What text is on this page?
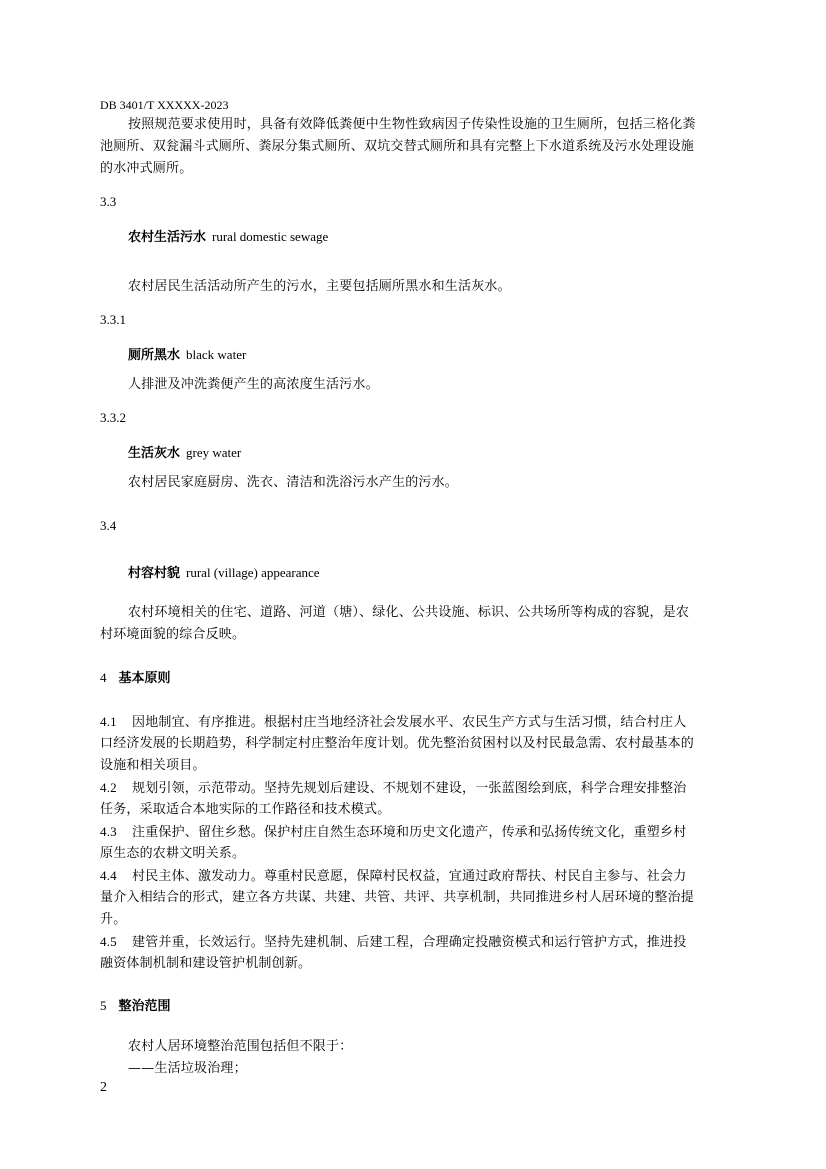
DB 3401/T XXXXX-2023
按照规范要求使用时，具备有效降低粪便中生物性致病因子传染性设施的卫生厕所，包括三格化粪
池厕所、双瓮漏斗式厕所、粪尿分集式厕所、双坑交替式厕所和具有完整上下水道系统及污水处理设施
的水冲式厕所。
3.3
农村生活污水 rural domestic sewage
农村居民生活活动所产生的污水，主要包括厕所黑水和生活灰水。
3.3.1
厕所黑水 black water
人排泄及冲洗粪便产生的高浓度生活污水。
3.3.2
生活灰水 grey water
农村居民家庭厨房、洗衣、清洁和洗浴污水产生的污水。
3.4
村容村貌 rural (village) appearance
农村环境相关的住宅、道路、河道（塘）、绿化、公共设施、标识、公共场所等构成的容貌，是农
村环境面貌的综合反映。
4 基本原则
4.1 因地制宜、有序推进。根据村庄当地经济社会发展水平、农民生产方式与生活习惯，结合村庄人
口经济发展的长期趋势，科学制定村庄整治年度计划。优先整治贫困村以及村民最急需、农村最基本的
设施和相关项目。
4.2 规划引领，示范带动。坚持先规划后建设、不规划不建设，一张蓝图绘到底，科学合理安排整治
任务，采取适合本地实际的工作路径和技术模式。
4.3 注重保护、留住乡愁。保护村庄自然生态环境和历史文化遗产，传承和弘扬传统文化，重塑乡村
原生态的农耕文明关系。
4.4 村民主体、激发动力。尊重村民意愿，保障村民权益，宜通过政府帮扶、村民自主参与、社会力
量介入相结合的形式，建立各方共谋、共建、共管、共评、共享机制，共同推进乡村人居环境的整治提
升。
4.5 建管并重，长效运行。坚持先建机制、后建工程，合理确定投融资模式和运行管护方式，推进投
融资体制机制和建设管护机制创新。
5 整治范围
农村人居环境整治范围包括但不限于：
——生活垃圾治理；
2
